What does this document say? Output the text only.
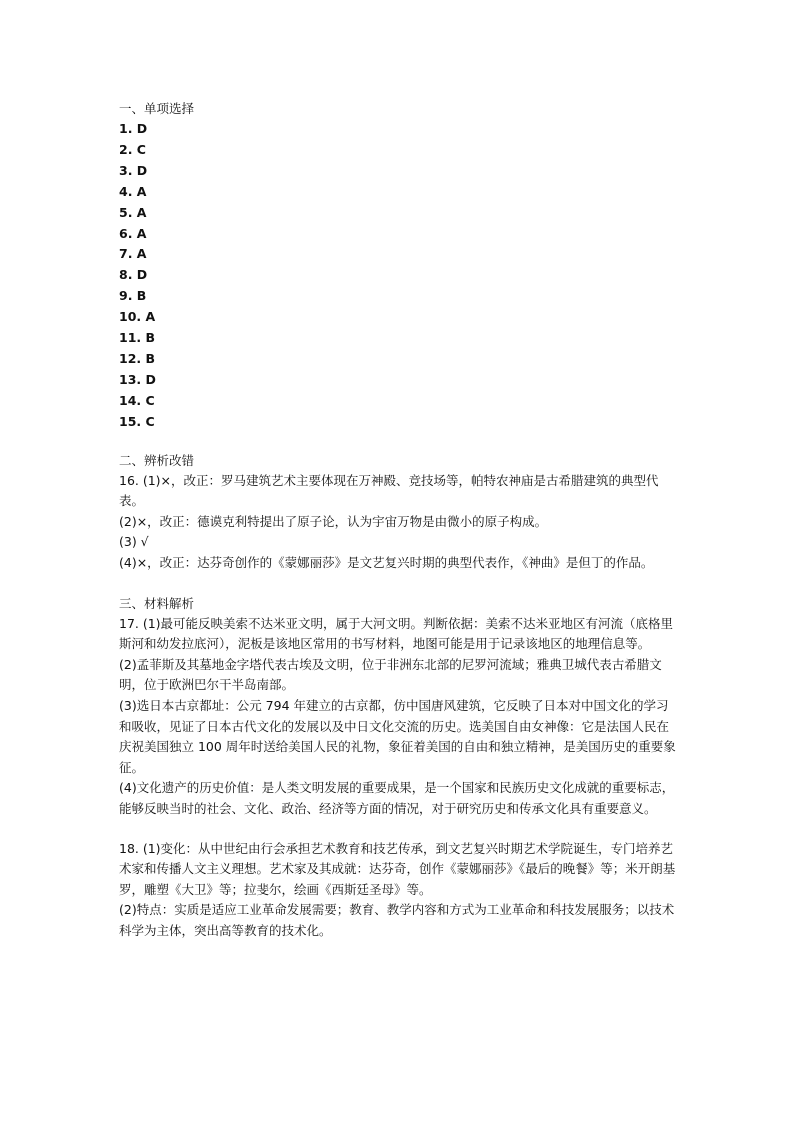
一、单项选择
1. D
2. C
3. D
4. A
5. A
6. A
7. A
8. D
9. B
10. A
11. B
12. B
13. D
14. C
15. C
二、辨析改错

16. (1)×，改正：罗马建筑艺术主要体现在万神殿、竞技场等，帕特农神庙是古希腊建筑的典型代表。

(2)×，改正：德谟克利特提出了原子论，认为宇宙万物是由微小的原子构成。

(3) √

(4)×，改正：达芬奇创作的《蒙娜丽莎》是文艺复兴时期的典型代表作，《神曲》是但丁的作品。

三、材料解析

17. (1)最可能反映美索不达米亚文明，属于大河文明。判断依据：美索不达米亚地区有河流（底格里斯河和幼发拉底河），泥板是该地区常用的书写材料，地图可能是用于记录该地区的地理信息等。

(2)孟菲斯及其墓地金字塔代表古埃及文明，位于非洲东北部的尼罗河流域；雅典卫城代表古希腊文明，位于欧洲巴尔干半岛南部。

(3)选日本古京都址：公元 794 年建立的古京都，仿中国唐风建筑，它反映了日本对中国文化的学习和吸收，见证了日本古代文化的发展以及中日文化交流的历史。选美国自由女神像：它是法国人民在庆祝美国独立 100 周年时送给美国人民的礼物，象征着美国的自由和独立精神，是美国历史的重要象征。

(4)文化遗产的历史价值：是人类文明发展的重要成果，是一个国家和民族历史文化成就的重要标志，能够反映当时的社会、文化、政治、经济等方面的情况，对于研究历史和传承文化具有重要意义。

18. (1)变化：从中世纪由行会承担艺术教育和技艺传承，到文艺复兴时期艺术学院诞生，专门培养艺术家和传播人文主义理想。艺术家及其成就：达芬奇，创作《蒙娜丽莎》《最后的晚餐》等；米开朗基罗，雕塑《大卫》等；拉斐尔，绘画《西斯廷圣母》等。

(2)特点：实质是适应工业革命发展需要；教育、教学内容和方式为工业革命和科技发展服务；以技术科学为主体，突出高等教育的技术化。
